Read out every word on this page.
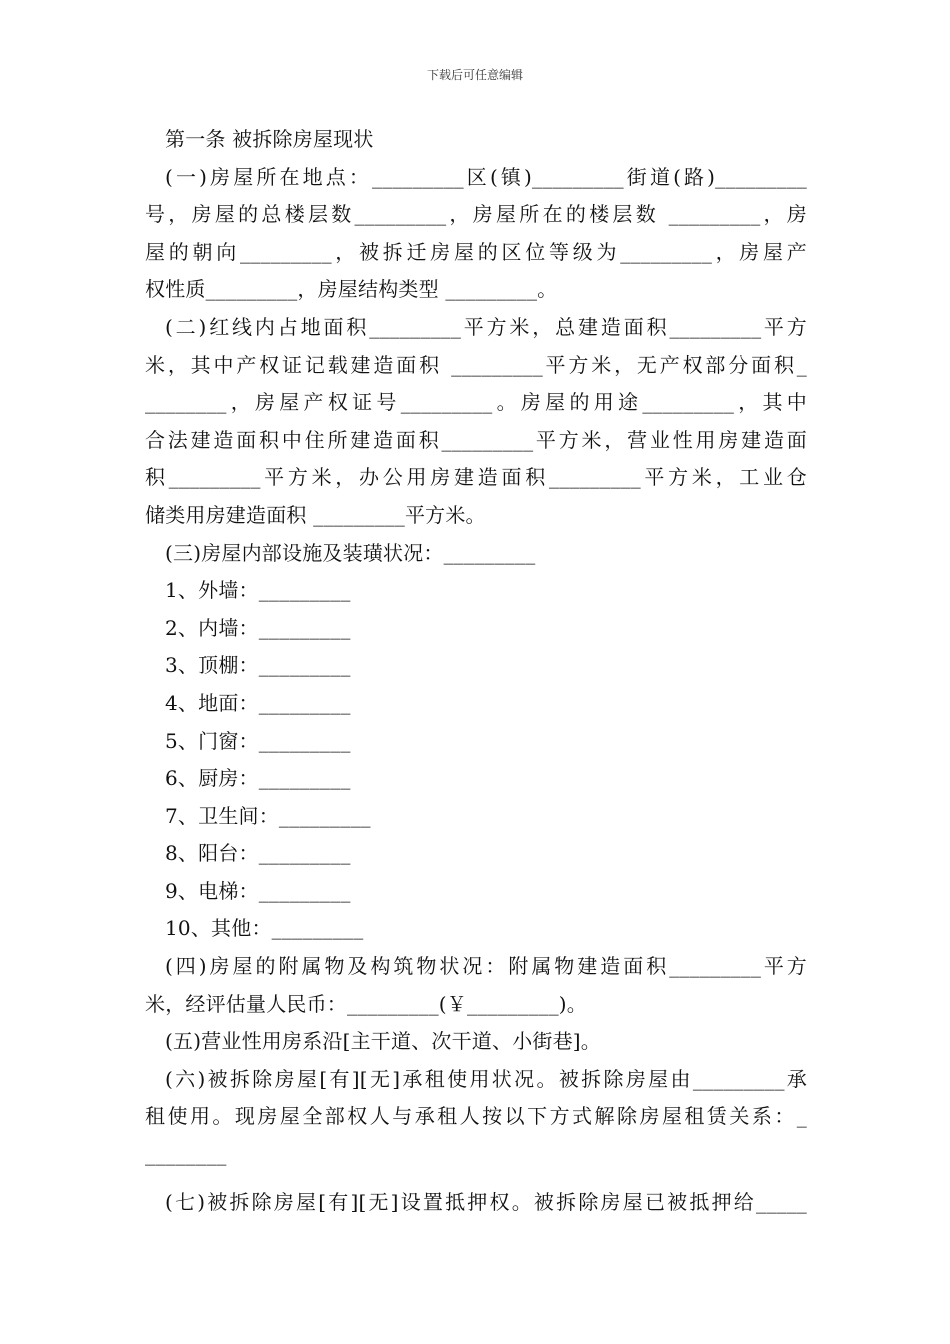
下载后可任意编辑
第一条 被拆除房屋现状
(一)房屋所在地点：_________区(镇)_________街道(路)_________
号，房屋的总楼层数_________，房屋所在的楼层数 _________，房
屋的朝向_________，被拆迁房屋的区位等级为_________，房屋产
权性质_________，房屋结构类型 _________。
(二)红线内占地面积_________平方米，总建造面积_________平方
米，其中产权证记载建造面积 _________平方米，无产权部分面积_
________，房屋产权证号_________。房屋的用途_________，其中
合法建造面积中住所建造面积_________平方米，营业性用房建造面
积_________平方米，办公用房建造面积_________平方米，工业仓
储类用房建造面积 _________平方米。
(三)房屋内部设施及装璜状况：_________
1、外墙：_________
2、内墙：_________
3、顶棚：_________
4、地面：_________
5、门窗：_________
6、厨房：_________
7、卫生间：_________
8、阳台：_________
9、电梯：_________
10、其他：_________
(四)房屋的附属物及构筑物状况：附属物建造面积_________平方
米，经评估量人民币：_________(￥_________)。
(五)营业性用房系沿[主干道、次干道、小街巷]。
(六)被拆除房屋[有][无]承租使用状况。被拆除房屋由_________承
租使用。现房屋全部权人与承租人按以下方式解除房屋租赁关系：_
________
(七)被拆除房屋[有][无]设置抵押权。被拆除房屋已被抵押给_____
